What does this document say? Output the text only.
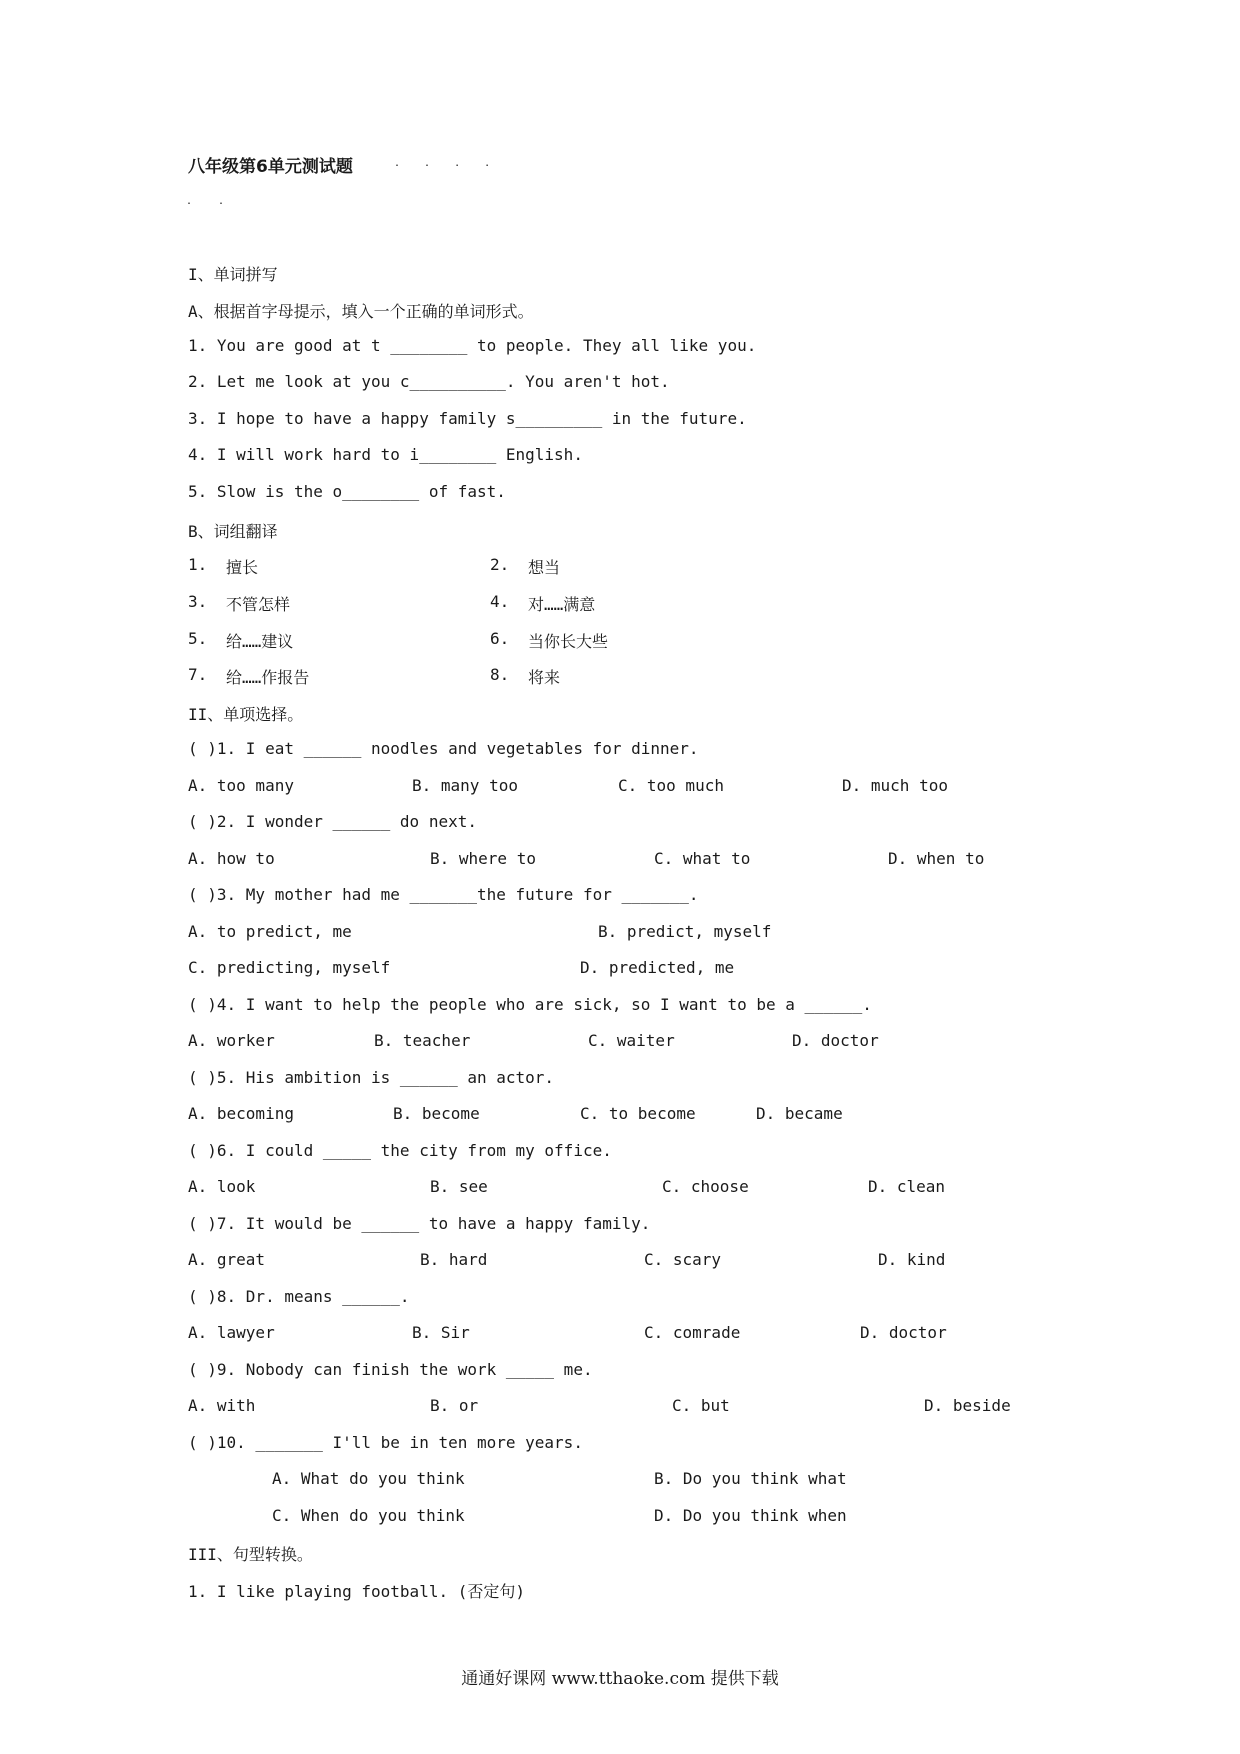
八年级第6单元测试题	. . . .
. .
I、单词拼写
A、根据首字母提示，填入一个正确的单词形式。
1. You are good at t ________ to people. They all like you.
2. Let me look at you c__________. You aren't hot.
3. I hope to have a happy family s_________ in the future.
4. I will work hard to i________ English.
5. Slow is the o________ of fast.
B、词组翻译
1. 擅长	2. 想当
3. 不管怎样	4. 对……满意
5. 给……建议	6. 当你长大些
7. 给……作报告	8. 将来
II、单项选择。
( )1. I eat ______ noodles and vegetables for dinner.
A. too many	B. many too	C. too much	D. much too
( )2. I wonder ______ do next.
A. how to	B. where to	C. what to	D. when to
( )3. My mother had me _______the future for _______.
A. to predict, me	B. predict, myself
C. predicting, myself	D. predicted, me
( )4. I want to help the people who are sick, so I want to be a ______.
A. worker	B. teacher	C. waiter	D. doctor
( )5. His ambition is ______ an actor.
A. becoming	B. become	C. to become	D. became
( )6. I could _____ the city from my office.
A. look	B. see	C. choose	D. clean
( )7. It would be ______ to have a happy family.
A. great	B. hard	C. scary	D. kind
( )8. Dr. means ______.
A. lawyer	B. Sir	C. comrade	D. doctor
( )9. Nobody can finish the work _____ me.
A. with	B. or	C. but	D. beside
( )10. _______ I'll be in ten more years.
A. What do you think	B. Do you think what
C. When do you think	D. Do you think when
III、句型转换。
1. I like playing football. (否定句)
通通好课网 www.tthaoke.com 提供下载
